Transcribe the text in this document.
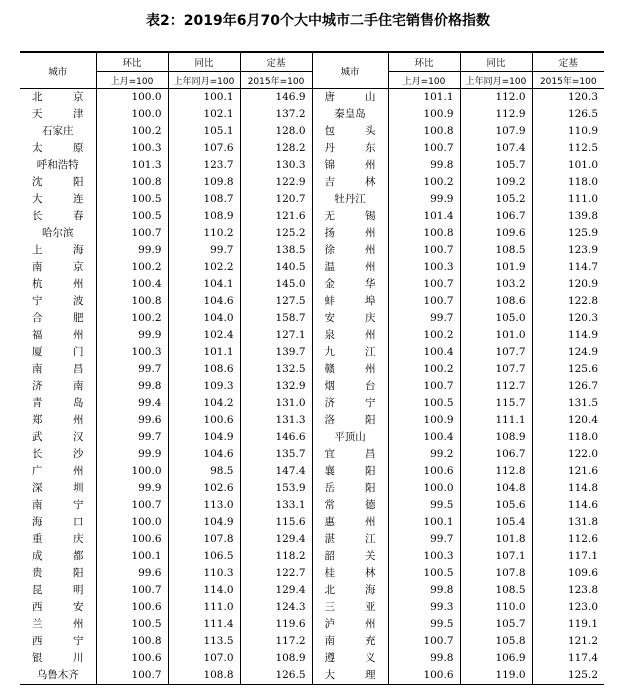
表2：2019年6月70个大中城市二手住宅销售价格指数
城市	环比	同比	定基	城市	环比	同比	定基
	上月=100	上年同月=100	2015年=100		上月=100	上年同月=100	2015年=100

北 京	100.0	100.1	146.9	唐 山	101.1	112.0	120.3

天 津	100.0	102.1	137.2	秦皇岛	100.9	112.9	126.5
石家庄	100.2	105.1	128.0	包 头	100.8	107.9	110.9

太 原	100.3	107.6	128.2	丹 东	100.7	107.4	112.5
呼和浩特	101.3	123.7	130.3	锦 州	99.8	105.7	101.0

沈 阳	100.8	109.8	122.9	吉 林	100.2	109.2	118.0

大 连	100.5	108.7	120.7	牡丹江	99.9	105.2	111.0

长 春	100.5	108.9	121.6	无 锡	101.4	106.7	139.8
哈尔滨	100.7	110.2	125.2	扬 州	100.8	109.6	125.9

上 海	99.9	99.7	138.5	徐 州	100.7	108.5	123.9

南 京	100.2	102.2	140.5	温 州	100.3	101.9	114.7

杭 州	100.4	104.1	145.0	金 华	100.7	103.2	120.9

宁 波	100.8	104.6	127.5	蚌 埠	100.7	108.6	122.8

合 肥	100.2	104.0	158.7	安 庆	99.7	105.0	120.3

福 州	99.9	102.4	127.1	泉 州	100.2	101.0	114.9

厦 门	100.3	101.1	139.7	九 江	100.4	107.7	124.9

南 昌	99.7	108.6	132.5	赣 州	100.2	107.7	125.6

济 南	99.8	109.3	132.9	烟 台	100.7	112.7	126.7

青 岛	99.4	104.2	131.0	济 宁	100.5	115.7	131.5

郑 州	99.6	100.6	131.3	洛 阳	100.9	111.1	120.4

武 汉	99.7	104.9	146.6	平顶山	100.4	108.9	118.0

长 沙	99.9	104.6	135.7	宜 昌	99.2	106.7	122.0

广 州	100.0	98.5	147.4	襄 阳	100.6	112.8	121.6

深 圳	99.9	102.6	153.9	岳 阳	100.0	104.8	114.8

南 宁	100.7	113.0	133.1	常 德	99.5	105.6	114.6

海 口	100.0	104.9	115.6	惠 州	100.1	105.4	131.8

重 庆	100.6	107.8	129.4	湛 江	99.7	101.8	112.6

成 都	100.1	106.5	118.2	韶 关	100.3	107.1	117.1

贵 阳	99.6	110.3	122.7	桂 林	100.5	107.8	109.6

昆 明	100.7	114.0	129.4	北 海	99.8	108.5	123.8

西 安	100.6	111.0	124.3	三 亚	99.3	110.0	123.0

兰 州	100.5	111.4	119.6	泸 州	99.5	105.7	119.1

西 宁	100.8	113.5	117.2	南 充	100.7	105.8	121.2

银 川	100.6	107.0	108.9	遵 义	99.8	106.9	117.4
乌鲁木齐	100.7	108.8	126.5	大 理	100.6	119.0	125.2
